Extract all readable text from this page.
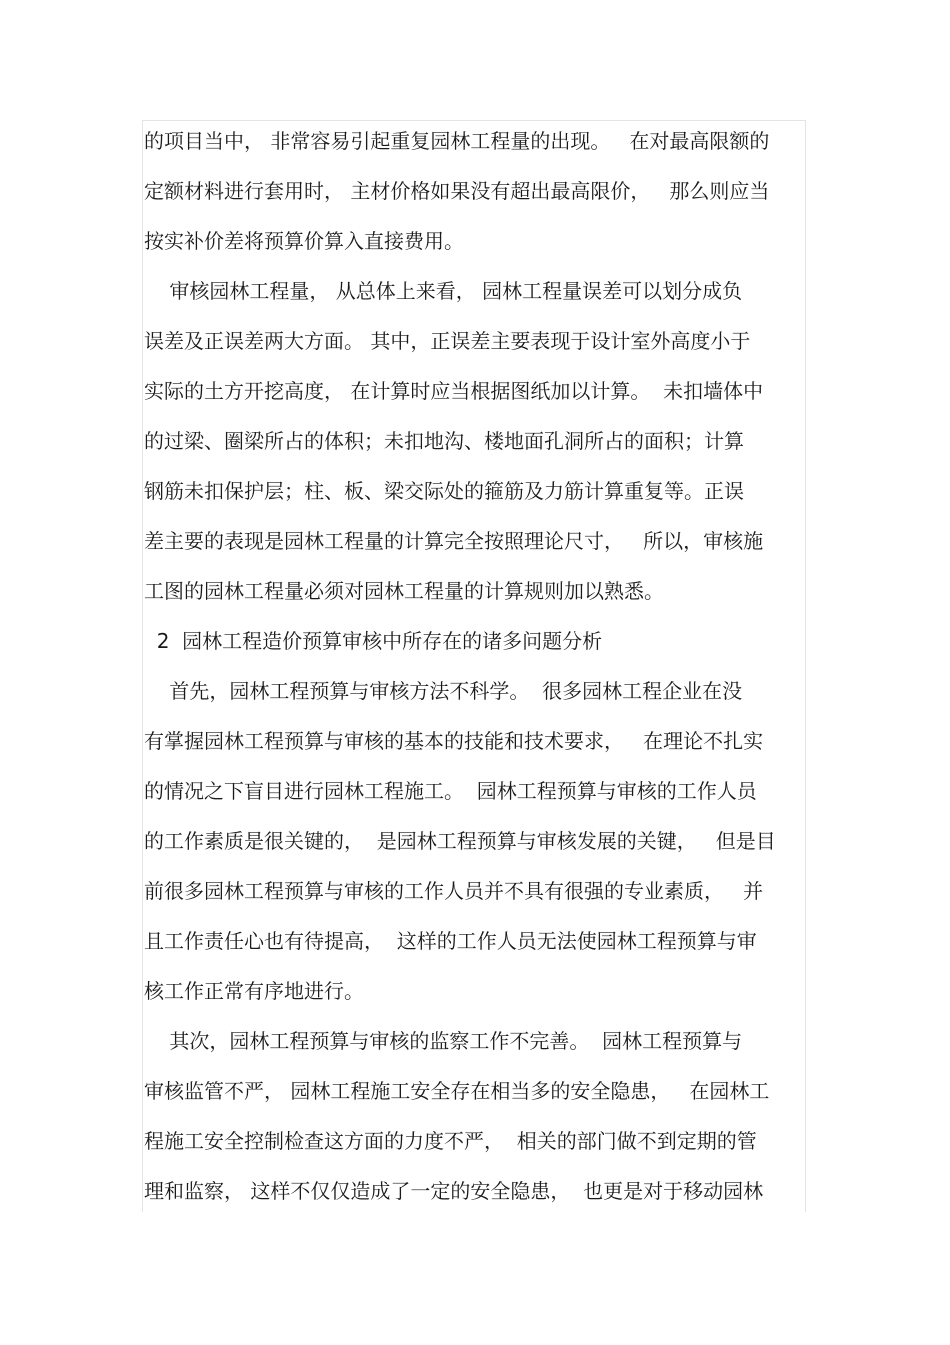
的项目当中， 非常容易引起重复园林工程量的出现。   在对最高限额的
定额材料进行套用时， 主材价格如果没有超出最高限价，   那么则应当
按实补价差将预算价算入直接费用。
审核园林工程量， 从总体上来看， 园林工程量误差可以划分成负
误差及正误差两大方面。 其中，正误差主要表现于设计室外高度小于
实际的土方开挖高度， 在计算时应当根据图纸加以计算。  未扣墙体中
的过梁、圈梁所占的体积；未扣地沟、楼地面孔洞所占的面积；计算
钢筋未扣保护层；柱、板、梁交际处的箍筋及力筋计算重复等。正误
差主要的表现是园林工程量的计算完全按照理论尺寸，   所以，审核施
工图的园林工程量必须对园林工程量的计算规则加以熟悉。
2  园林工程造价预算审核中所存在的诸多问题分析
首先，园林工程预算与审核方法不科学。  很多园林工程企业在没
有掌握园林工程预算与审核的基本的技能和技术要求，   在理论不扎实
的情况之下盲目进行园林工程施工。  园林工程预算与审核的工作人员
的工作素质是很关键的，  是园林工程预算与审核发展的关键，   但是目
前很多园林工程预算与审核的工作人员并不具有很强的专业素质，   并
且工作责任心也有待提高，  这样的工作人员无法使园林工程预算与审
核工作正常有序地进行。
其次，园林工程预算与审核的监察工作不完善。  园林工程预算与
审核监管不严， 园林工程施工安全存在相当多的安全隐患，   在园林工
程施工安全控制检查这方面的力度不严，  相关的部门做不到定期的管
理和监察， 这样不仅仅造成了一定的安全隐患，  也更是对于移动园林
